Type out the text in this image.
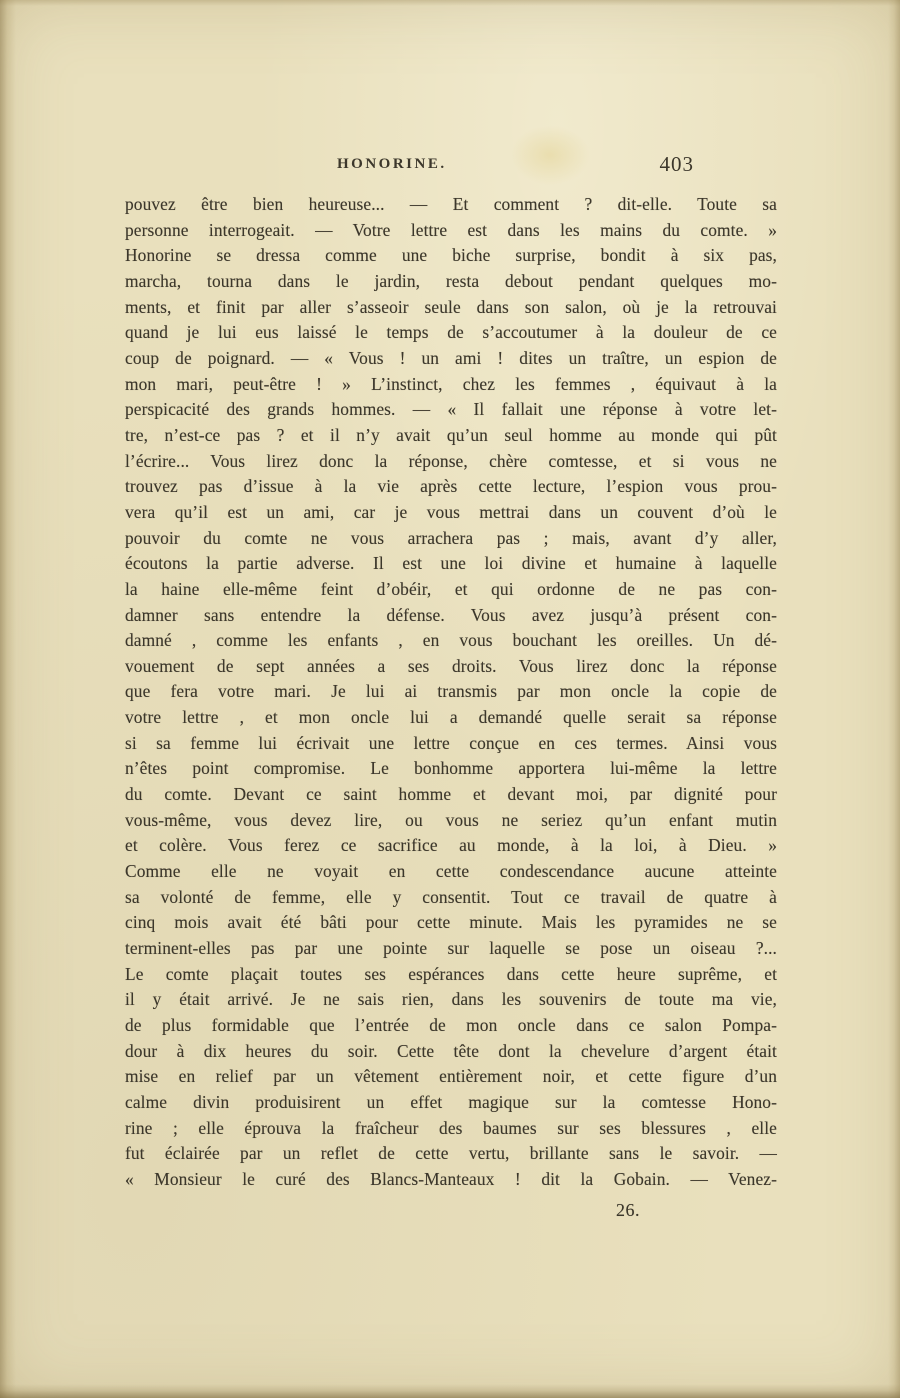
HONORINE.	403
pouvez être bien heureuse... — Et comment ? dit-elle. Toute sa
personne interrogeait. — Votre lettre est dans les mains du comte. »
Honorine se dressa comme une biche surprise, bondit à six pas,
marcha, tourna dans le jardin, resta debout pendant quelques mo-
ments, et finit par aller s’asseoir seule dans son salon, où je la retrouvai
quand je lui eus laissé le temps de s’accoutumer à la douleur de ce
coup de poignard. — « Vous ! un ami ! dites un traître, un espion de
mon mari, peut-être ! » L’instinct, chez les femmes , équivaut à la
perspicacité des grands hommes. — « Il fallait une réponse à votre let-
tre, n’est-ce pas ? et il n’y avait qu’un seul homme au monde qui pût
l’écrire... Vous lirez donc la réponse, chère comtesse, et si vous ne
trouvez pas d’issue à la vie après cette lecture, l’espion vous prou-
vera qu’il est un ami, car je vous mettrai dans un couvent d’où le
pouvoir du comte ne vous arrachera pas ; mais, avant d’y aller,
écoutons la partie adverse. Il est une loi divine et humaine à laquelle
la haine elle-même feint d’obéir, et qui ordonne de ne pas con-
damner sans entendre la défense. Vous avez jusqu’à présent con-
damné , comme les enfants , en vous bouchant les oreilles. Un dé-
vouement de sept années a ses droits. Vous lirez donc la réponse
que fera votre mari. Je lui ai transmis par mon oncle la copie de
votre lettre , et mon oncle lui a demandé quelle serait sa réponse
si sa femme lui écrivait une lettre conçue en ces termes. Ainsi vous
n’êtes point compromise. Le bonhomme apportera lui-même la lettre
du comte. Devant ce saint homme et devant moi, par dignité pour
vous-même, vous devez lire, ou vous ne seriez qu’un enfant mutin
et colère. Vous ferez ce sacrifice au monde, à la loi, à Dieu. »
Comme elle ne voyait en cette condescendance aucune atteinte
sa volonté de femme, elle y consentit. Tout ce travail de quatre à
cinq mois avait été bâti pour cette minute. Mais les pyramides ne se
terminent-elles pas par une pointe sur laquelle se pose un oiseau ?...
Le comte plaçait toutes ses espérances dans cette heure suprême, et
il y était arrivé. Je ne sais rien, dans les souvenirs de toute ma vie,
de plus formidable que l’entrée de mon oncle dans ce salon Pompa-
dour à dix heures du soir. Cette tête dont la chevelure d’argent était
mise en relief par un vêtement entièrement noir, et cette figure d’un
calme divin produisirent un effet magique sur la comtesse Hono-
rine ; elle éprouva la fraîcheur des baumes sur ses blessures , elle
fut éclairée par un reflet de cette vertu, brillante sans le savoir. —
« Monsieur le curé des Blancs-Manteaux ! dit la Gobain. — Venez-
26.
